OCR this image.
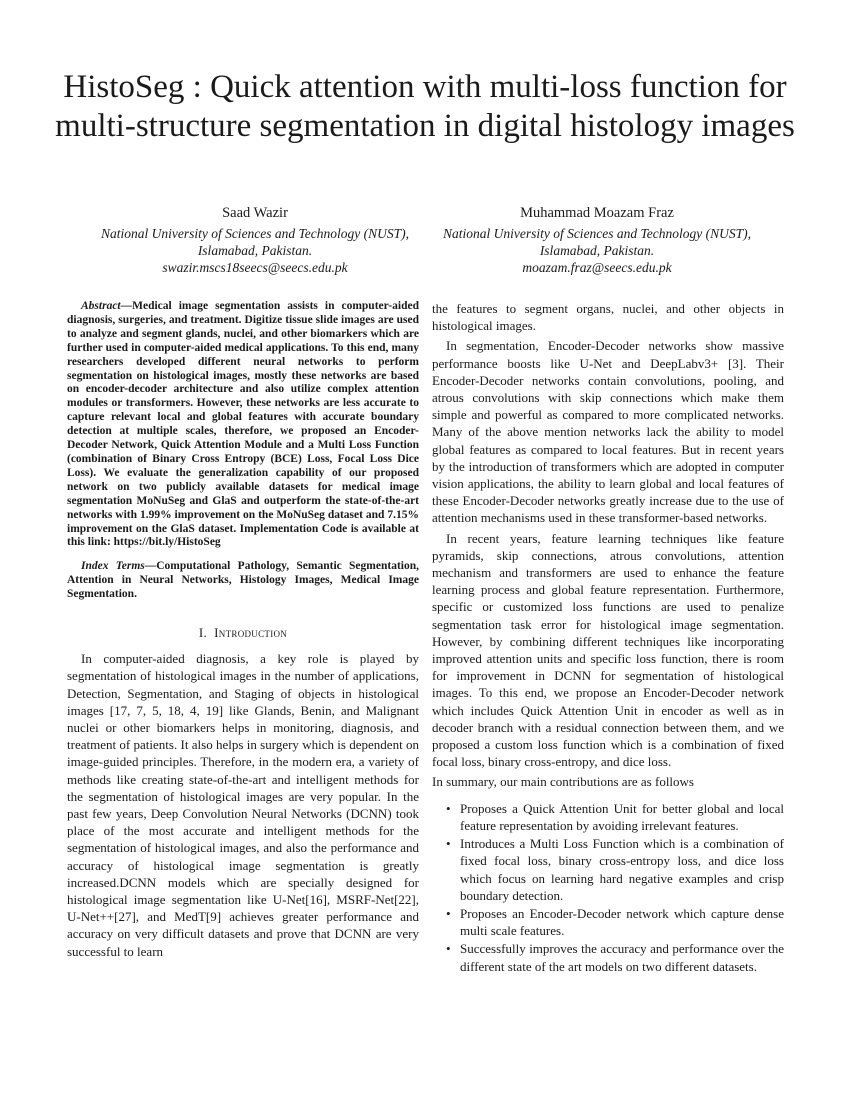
HistoSeg : Quick attention with multi-loss function for multi-structure segmentation in digital histology images
Saad Wazir
National University of Sciences and Technology (NUST),
Islamabad, Pakistan.
swazir.mscs18seecs@seecs.edu.pk
Muhammad Moazam Fraz
National University of Sciences and Technology (NUST),
Islamabad, Pakistan.
moazam.fraz@seecs.edu.pk

Abstract—Medical image segmentation assists in computer-aided diagnosis, surgeries, and treatment. Digitize tissue slide images are used to analyze and segment glands, nuclei, and other biomarkers which are further used in computer-aided medical applications. To this end, many researchers developed different neural networks to perform segmentation on histological images, mostly these networks are based on encoder-decoder architecture and also utilize complex attention modules or transformers. However, these networks are less accurate to capture relevant local and global features with accurate boundary detection at multiple scales, therefore, we proposed an Encoder-Decoder Network, Quick Attention Module and a Multi Loss Function (combination of Binary Cross Entropy (BCE) Loss, Focal Loss Dice Loss). We evaluate the generalization capability of our proposed network on two publicly available datasets for medical image segmentation MoNuSeg and GlaS and outperform the state-of-the-art networks with 1.99% improvement on the MoNuSeg dataset and 7.15% improvement on the GlaS dataset. Implementation Code is available at this link: https://bit.ly/HistoSeg

Index Terms—Computational Pathology, Semantic Segmentation, Attention in Neural Networks, Histology Images, Medical Image Segmentation.

I. Introduction

In computer-aided diagnosis, a key role is played by segmentation of histological images in the number of applications, Detection, Segmentation, and Staging of objects in histological images [17, 7, 5, 18, 4, 19] like Glands, Benin, and Malignant nuclei or other biomarkers helps in monitoring, diagnosis, and treatment of patients. It also helps in surgery which is dependent on image-guided principles. Therefore, in the modern era, a variety of methods like creating state-of-the-art and intelligent methods for the segmentation of histological images are very popular. In the past few years, Deep Convolution Neural Networks (DCNN) took place of the most accurate and intelligent methods for the segmentation of histological images, and also the performance and accuracy of histological image segmentation is greatly increased.DCNN models which are specially designed for histological image segmentation like U-Net[16], MSRF-Net[22], U-Net++[27], and MedT[9] achieves greater performance and accuracy on very difficult datasets and prove that DCNN are very successful to learn

the features to segment organs, nuclei, and other objects in histological images.

In segmentation, Encoder-Decoder networks show massive performance boosts like U-Net and DeepLabv3+ [3]. Their Encoder-Decoder networks contain convolutions, pooling, and atrous convolutions with skip connections which make them simple and powerful as compared to more complicated networks. Many of the above mention networks lack the ability to model global features as compared to local features. But in recent years by the introduction of transformers which are adopted in computer vision applications, the ability to learn global and local features of these Encoder-Decoder networks greatly increase due to the use of attention mechanisms used in these transformer-based networks.

In recent years, feature learning techniques like feature pyramids, skip connections, atrous convolutions, attention mechanism and transformers are used to enhance the feature learning process and global feature representation. Furthermore, specific or customized loss functions are used to penalize segmentation task error for histological image segmentation. However, by combining different techniques like incorporating improved attention units and specific loss function, there is room for improvement in DCNN for segmentation of histological images. To this end, we propose an Encoder-Decoder network which includes Quick Attention Unit in encoder as well as in decoder branch with a residual connection between them, and we proposed a custom loss function which is a combination of fixed focal loss, binary cross-entropy, and dice loss.

In summary, our main contributions are as follows

• Proposes a Quick Attention Unit for better global and local feature representation by avoiding irrelevant features.
• Introduces a Multi Loss Function which is a combination of fixed focal loss, binary cross-entropy loss, and dice loss which focus on learning hard negative examples and crisp boundary detection.
• Proposes an Encoder-Decoder network which capture dense multi scale features.
• Successfully improves the accuracy and performance over the different state of the art models on two different datasets.
